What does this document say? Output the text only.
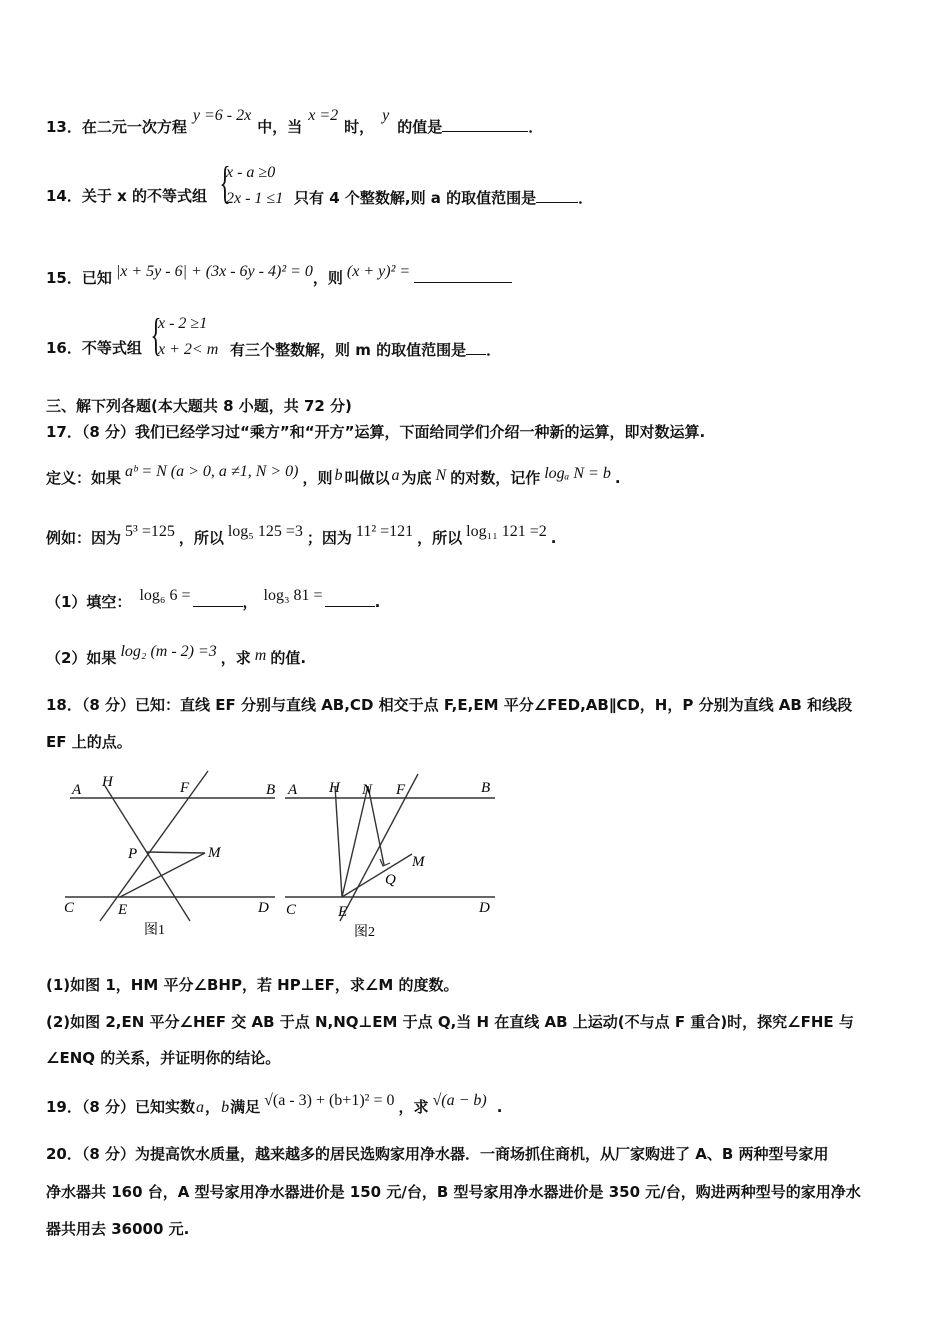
13．在二元一次方程y =6 - 2x中，当x =2时，y的值是	．
14．关于 x 的不等式组 {
x - a ≥0
2x - 1 ≤1 只有 4 个整数解,则 a 的取值范围是	．
15．已知 |x + 5y - 6| + (3x - 6y - 4)² = 0，则 (x + y)² =
16．不等式组 {
x - 2 ≥1
x + 2< m 有三个整数解，则 m 的取值范围是 ．
三、解下列各题(本大题共 8 小题，共 72 分)
17．（8 分）我们已经学习过“乘方”和“开方”运算，下面给同学们介绍一种新的运算，即对数运算.
定义：如果 aᵇ = N (a > 0, a ≠1, N > 0) ，则 b 叫做以 a 为底 N 的对数，记作 logₐ N = b .
例如：因为 5³ =125 ，所以 log₅ 125 =3 ；因为 11² =121 ，所以 log₁₁ 121 =2 .
（1）填空： log₆ 6 =	， log₃ 81 =	.
（2）如果 log₂ (m - 2) =3 ，求 m 的值.
18．（8 分）已知：直线 EF 分别与直线 AB,CD 相交于点 F,E,EM 平分∠FED,AB∥CD，H，P 分别为直线 AB 和线段
EF 上的点。
A H	F	B
P	M
C	E	D
图1
A H N F	B
M
Q
C	E	D
图2
(1)如图 1，HM 平分∠BHP，若 HP⊥EF，求∠M 的度数。
(2)如图 2,EN 平分∠HEF 交 AB 于点 N,NQ⊥EM 于点 Q,当 H 在直线 AB 上运动(不与点 F 重合)时，探究∠FHE 与
∠ENQ 的关系，并证明你的结论。
19．（8 分）已知实数a，b满足 √(a - 3) + (b+1)² = 0 ，求 √(a − b) .
20．（8 分）为提高饮水质量，越来越多的居民选购家用净水器．一商场抓住商机，从厂家购进了 A、B 两种型号家用
净水器共 160 台，A 型号家用净水器进价是 150 元/台，B 型号家用净水器进价是 350 元/台，购进两种型号的家用净水
器共用去 36000 元.
